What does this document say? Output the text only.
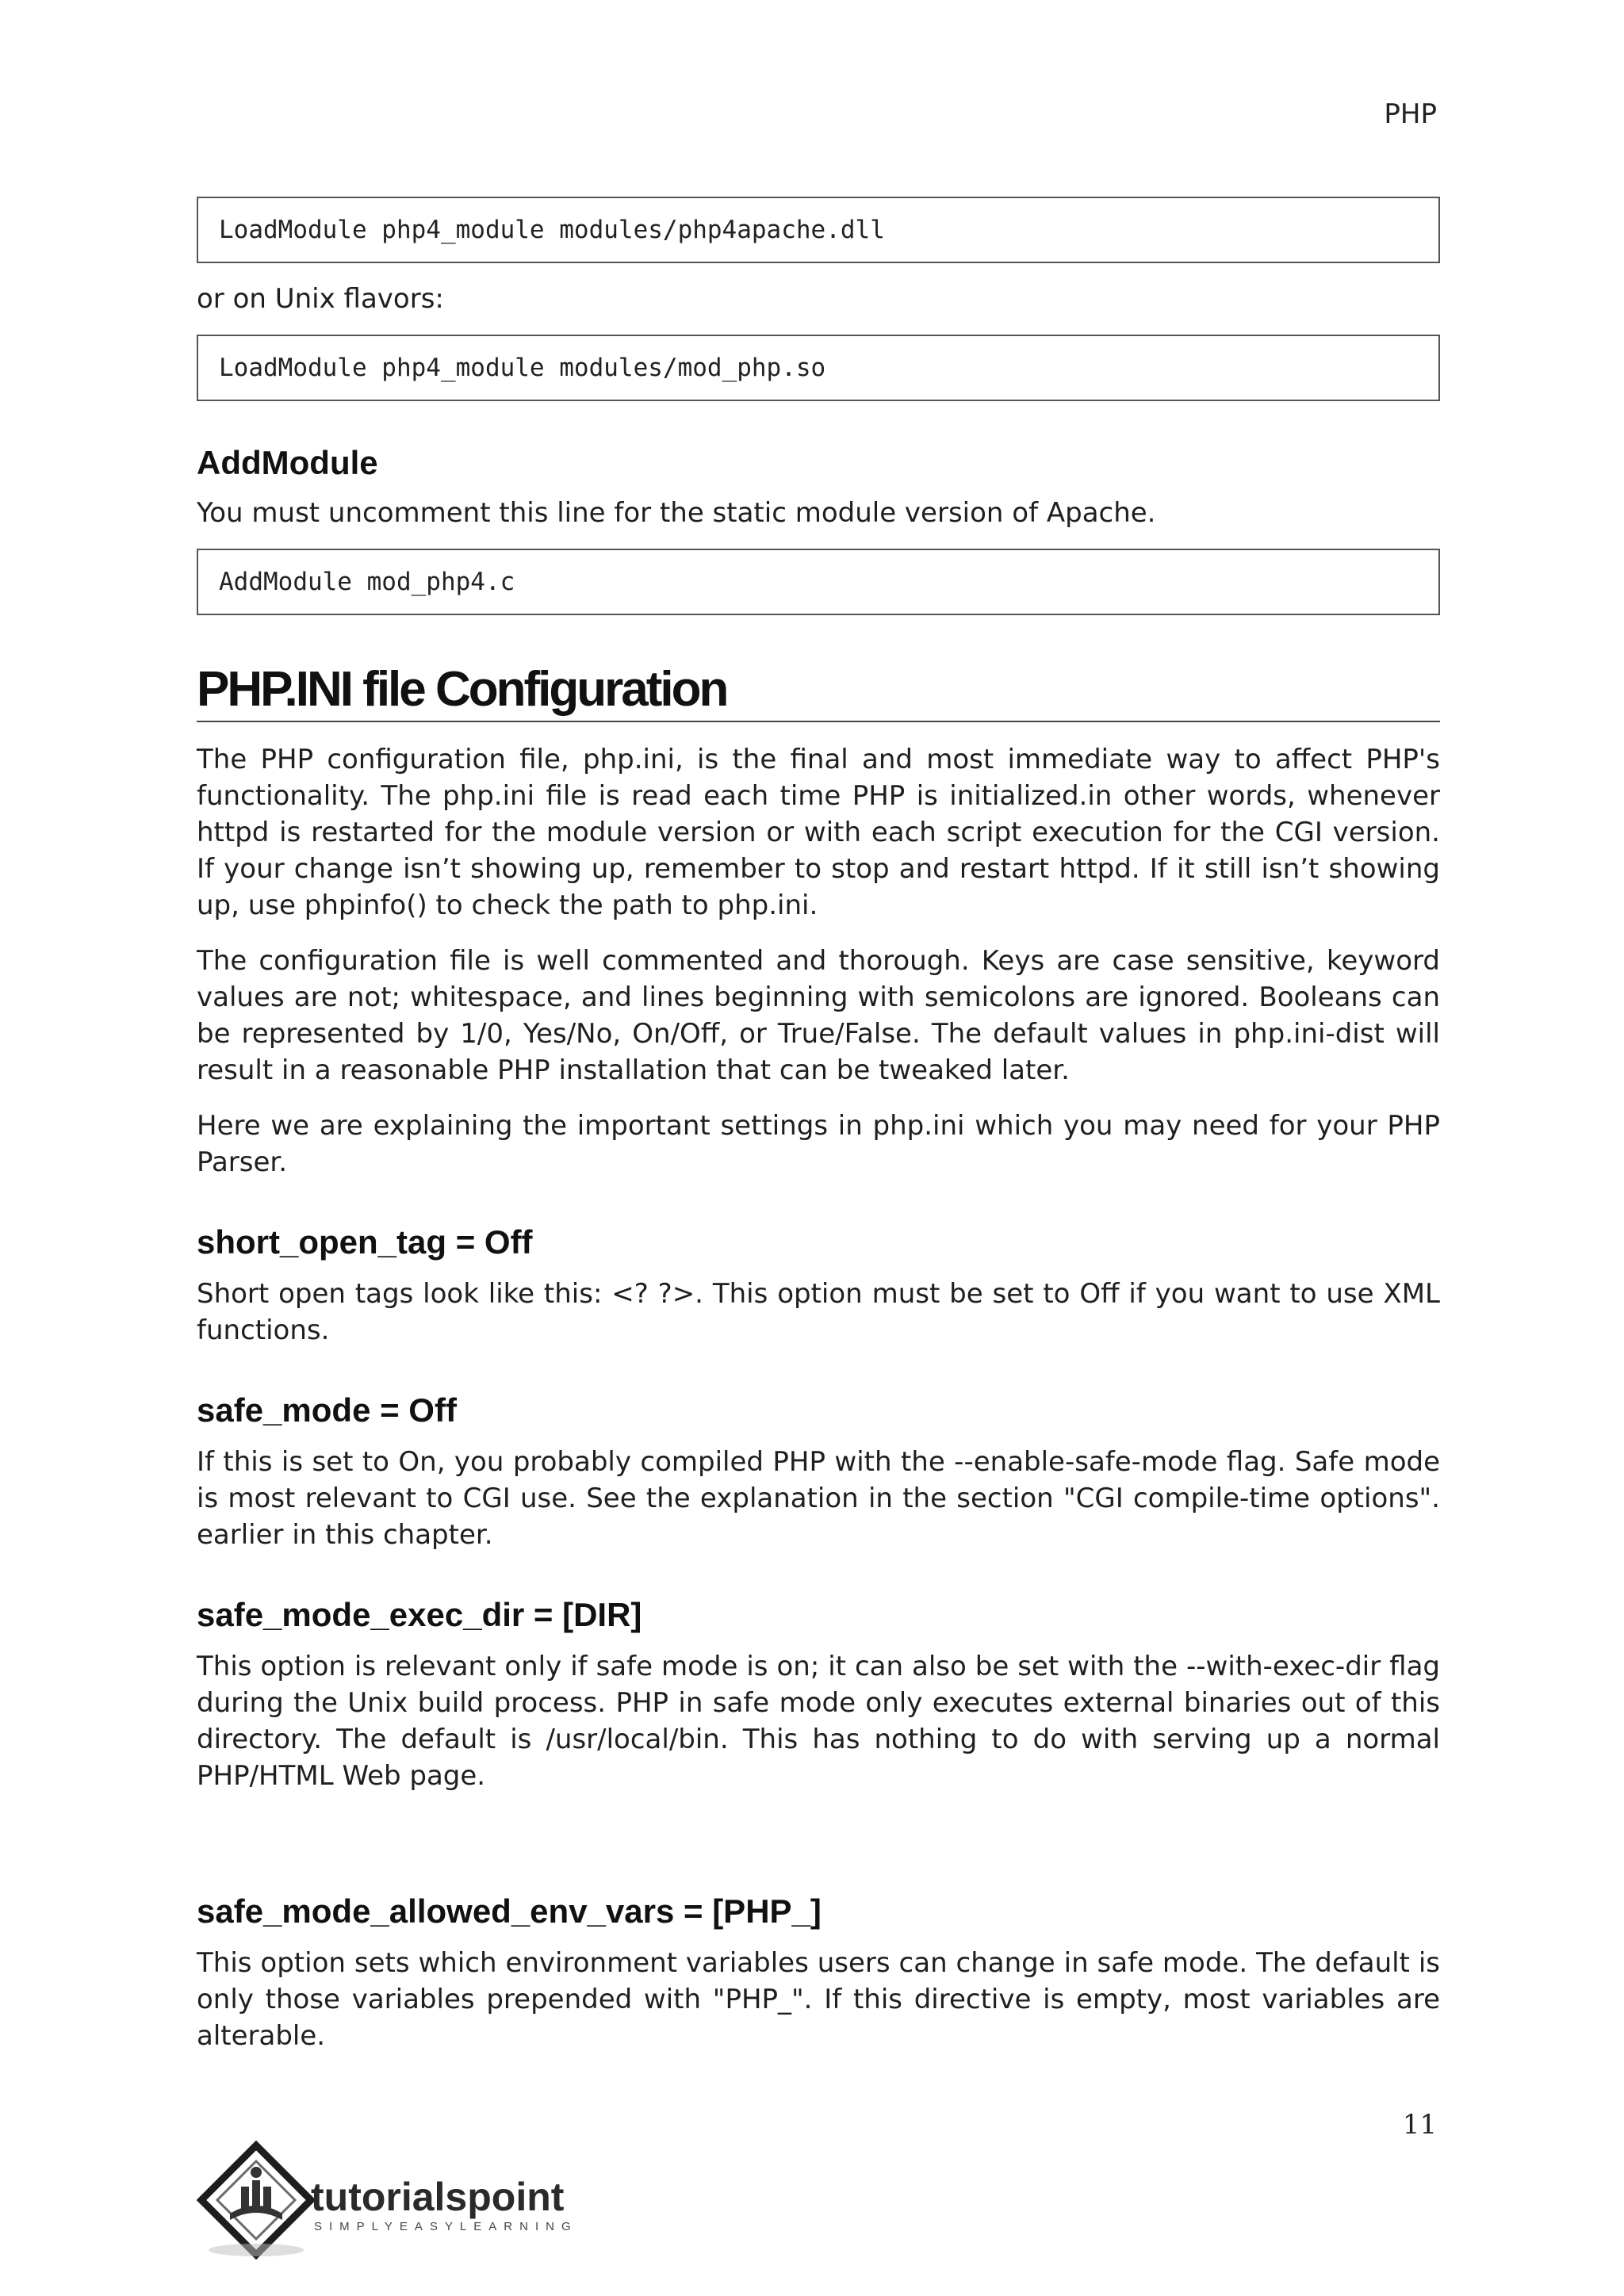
PHP
LoadModule php4_module modules/php4apache.dll

or on Unix flavors:

LoadModule php4_module modules/mod_php.so
AddModule

You must uncomment this line for the static module version of Apache.

AddModule mod_php4.c
PHP.INI file Configuration

The PHP configuration file, php.ini, is the final and most immediate way to affect PHP's functionality. The php.ini file is read each time PHP is initialized.in other words, whenever httpd is restarted for the module version or with each script execution for the CGI version. If your change isn’t showing up, remember to stop and restart httpd. If it still isn’t showing up, use phpinfo() to check the path to php.ini.

The configuration file is well commented and thorough. Keys are case sensitive, keyword values are not; whitespace, and lines beginning with semicolons are ignored. Booleans can be represented by 1/0, Yes/No, On/Off, or True/False. The default values in php.ini-dist will result in a reasonable PHP installation that can be tweaked later.

Here we are explaining the important settings in php.ini which you may need for your PHP Parser.

short_open_tag = Off

Short open tags look like this: <? ?>. This option must be set to Off if you want to use XML functions.

safe_mode = Off

If this is set to On, you probably compiled PHP with the --enable-safe-mode flag. Safe mode is most relevant to CGI use. See the explanation in the section "CGI compile-time options". earlier in this chapter.

safe_mode_exec_dir = [DIR]

This option is relevant only if safe mode is on; it can also be set with the --with-exec-dir flag during the Unix build process. PHP in safe mode only executes external binaries out of this directory. The default is /usr/local/bin. This has nothing to do with serving up a normal PHP/HTML Web page.

safe_mode_allowed_env_vars = [PHP_]

This option sets which environment variables users can change in safe mode. The default is only those variables prepended with "PHP_". If this directive is empty, most variables are alterable.

11
tutorialspoint
SIMPLYEASYLEARNING
